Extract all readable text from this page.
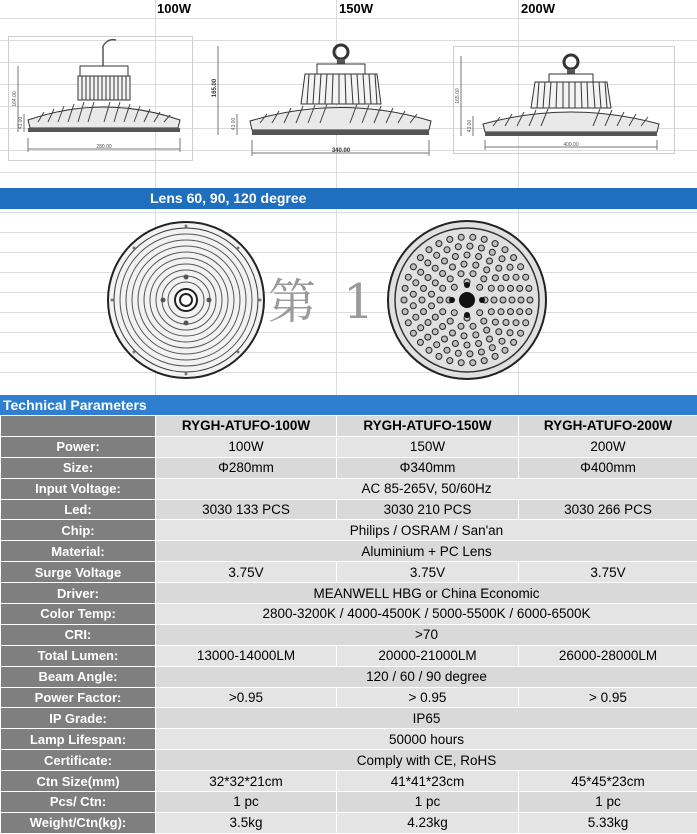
100W	150W	200W
280.00
164.00
43.00
340.00
165.00
43.00
400.00
165.00
43.00
Lens 60, 90, 120 degree
第 1
Technical Parameters
	RYGH-ATUFO-100W	RYGH-ATUFO-150W	RYGH-ATUFO-200W
Power:	100W	150W	200W
Size:	Φ280mm	Φ340mm	Φ400mm
Input Voltage:	AC 85-265V, 50/60Hz		
Led:	3030 133 PCS	3030 210 PCS	3030 266 PCS
Chip:	Philips / OSRAM / San'an		
Material:	Aluminium + PC Lens		
Surge Voltage	3.75V	3.75V	3.75V
Driver:	MEANWELL HBG or China Economic		
Color Temp:	2800-3200K / 4000-4500K / 5000-5500K / 6000-6500K		
CRI:	>70		
Total Lumen:	13000-14000LM	20000-21000LM	26000-28000LM
Beam Angle:	120 / 60 / 90 degree		
Power Factor:	>0.95	> 0.95	> 0.95
IP Grade:	IP65		
Lamp Lifespan:	50000 hours		
Certificate:	Comply with CE, RoHS		
Ctn Size(mm)	32*32*21cm	41*41*23cm	45*45*23cm
Pcs/ Ctn:	1 pc	1 pc	1 pc
Weight/Ctn(kg):	3.5kg	4.23kg	5.33kg
